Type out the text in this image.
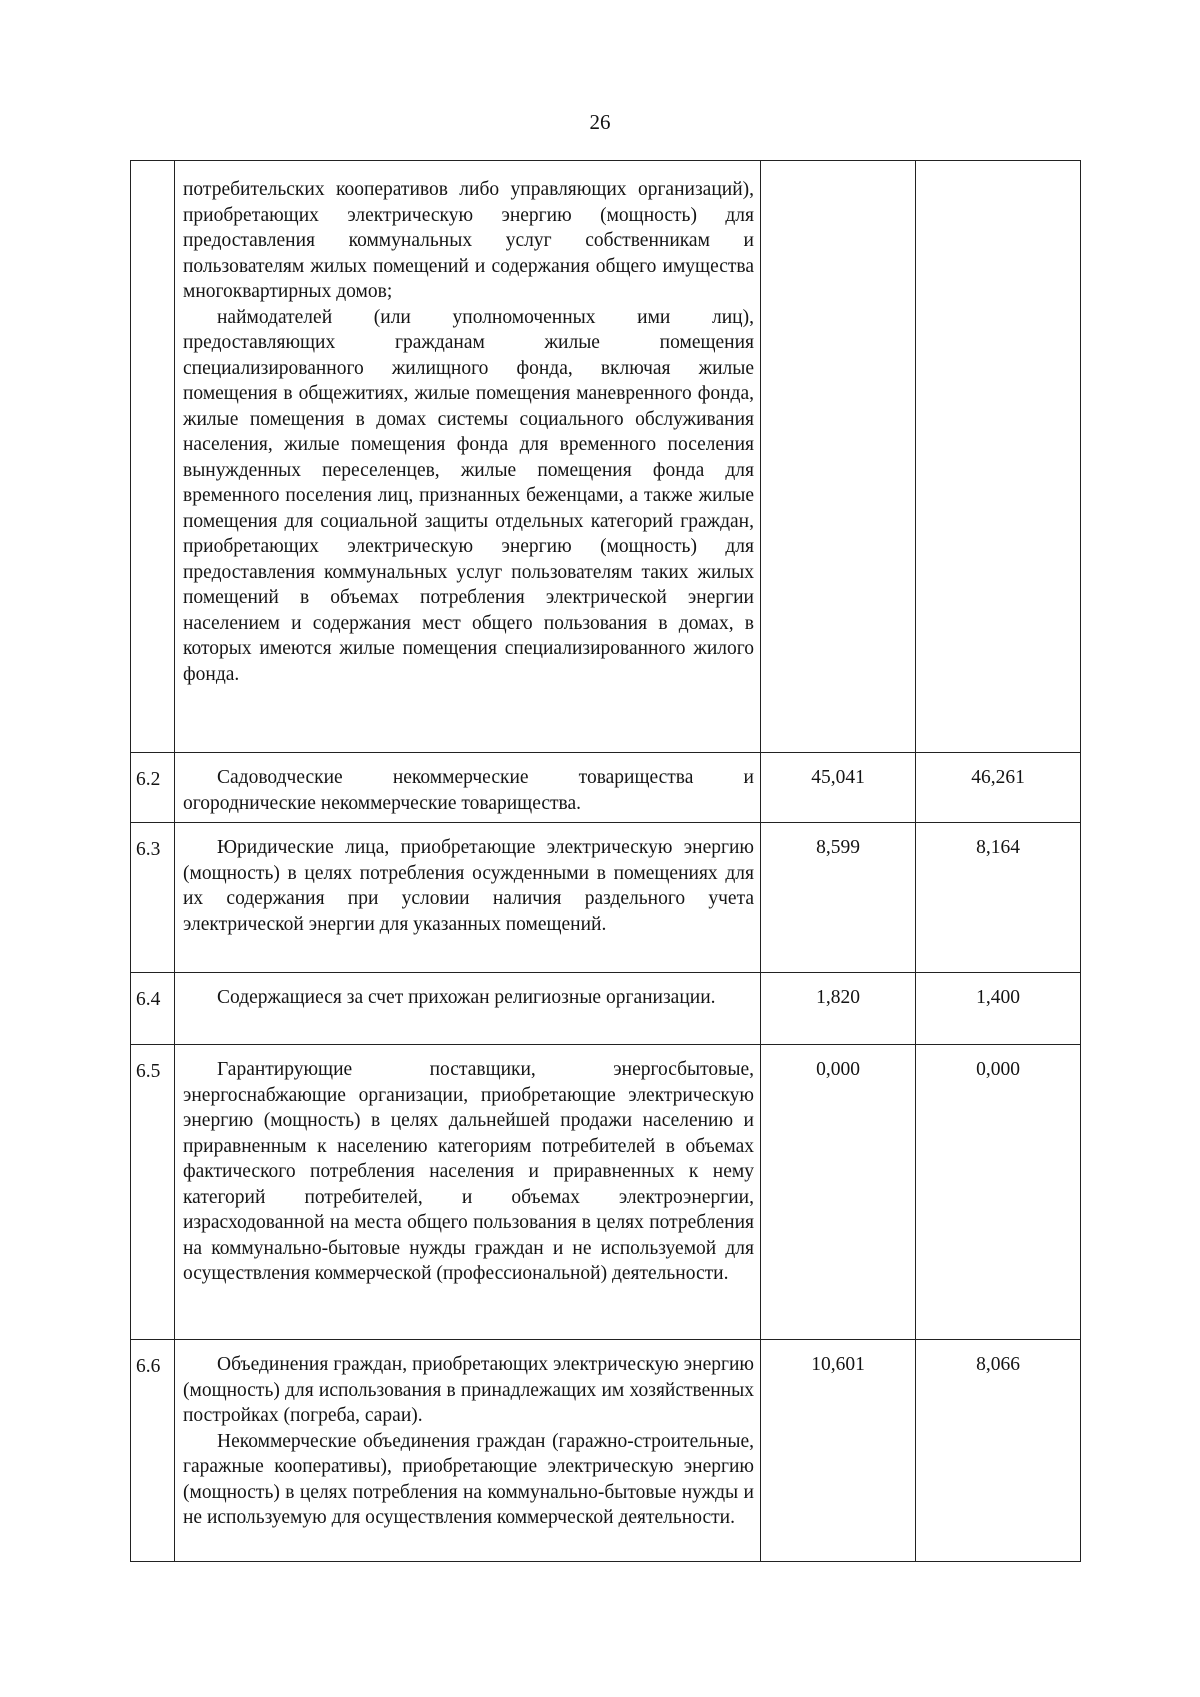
26

	потребительских кооперативов либо управляющих организаций), приобретающих электрическую энергию (мощность) для предоставления коммунальных услуг собственникам и пользователям жилых помещений и содержания общего имущества многоквартирных домов;

наймодателей (или уполномоченных ими лиц), предоставляющих гражданам жилые помещения специализированного жилищного фонда, включая жилые помещения в общежитиях, жилые помещения маневренного фонда, жилые помещения в домах системы социального обслуживания населения, жилые помещения фонда для временного поселения вынужденных переселенцев, жилые помещения фонда для временного поселения лиц, признанных беженцами, а также жилые помещения для социальной защиты отдельных категорий граждан, приобретающих электрическую энергию (мощность) для предоставления коммунальных услуг пользователям таких жилых помещений в объемах потребления электрической энергии населением и содержания мест общего пользования в домах, в которых имеются жилые помещения специализированного жилого фонда.		

6.2	Садоводческие некоммерческие товарищества и огороднические некоммерческие товарищества.	45,041	46,261
6.3	Юридические лица, приобретающие электрическую энергию (мощность) в целях потребления осужденными в помещениях для их содержания при условии наличия раздельного учета электрической энергии для указанных помещений.	8,599	8,164
6.4	Содержащиеся за счет прихожан религиозные организации.	1,820	1,400
6.5	Гарантирующие поставщики, энергосбытовые, энергоснабжающие организации, приобретающие электрическую энергию (мощность) в целях дальнейшей продажи населению и приравненным к населению категориям потребителей в объемах фактического потребления населения и приравненных к нему категорий потребителей, и объемах электроэнергии, израсходованной на места общего пользования в целях потребления на коммунально-бытовые нужды граждан и не используемой для осуществления коммерческой (профессиональной) деятельности.	0,000	0,000
6.6	Объединения граждан, приобретающих электрическую энергию (мощность) для использования в принадлежащих им хозяйственных постройках (погреба, сараи).

Некоммерческие объединения граждан (гаражно-строительные, гаражные кооперативы), приобретающие электрическую энергию (мощность) в целях потребления на коммунально-бытовые нужды и не используемую для осуществления коммерческой деятельности.	10,601	8,066
